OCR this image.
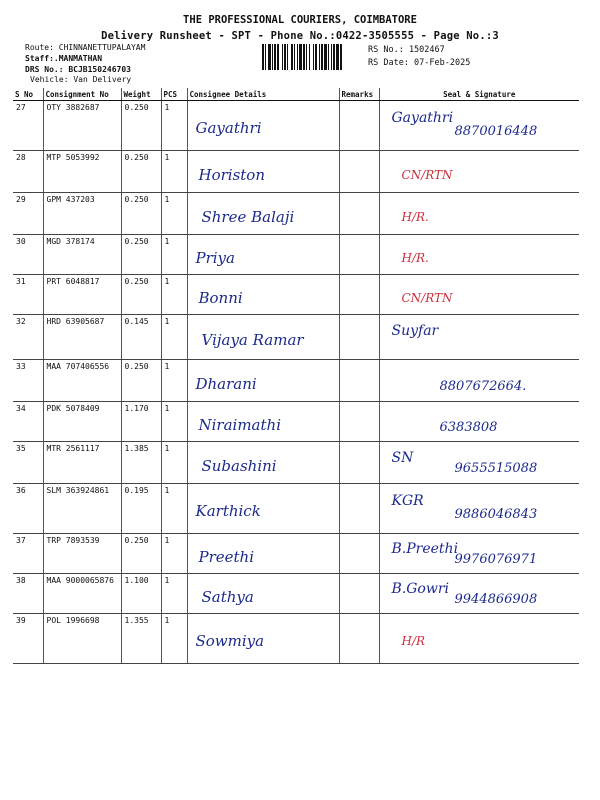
THE PROFESSIONAL COURIERS, COIMBATORE
Delivery Runsheet - SPT - Phone No.:0422-3505555 - Page No.:3
Route: CHINNANETTUPALAYAM
Staff:.MANMATHAN
DRS No.: BCJB150246703
Vehicle: Van Delivery
RS No.: 1502467
RS Date: 07-Feb-2025
S No	Consignment No	Weight	PCS	Consignee Details	Remarks	Seal & Signature
27	OTY 3882687	0.250	1	Gayathri		Gayathri
8870016448

28	MTP 5053992	0.250	1	Horiston		CN/RTN

29	GPM 437203	0.250	1	Shree Balaji		H/R.

30	MGD 378174	0.250	1	Priya		H/R.

31	PRT 6048817	0.250	1	Bonni		CN/RTN

32	HRD 63905687	0.145	1	Vijaya Ramar		Suyfar

33	MAA 707406556	0.250	1	Dharani		8807672664.

34	PDK 5078409	1.170	1	Niraimathi		6383808

35	MTR 2561117	1.385	1	Subashini		SN
9655515088

36	SLM 363924861	0.195	1	Karthick		KGR
9886046843

37	TRP 7893539	0.250	1	Preethi		B.Preethi
9976076971

38	MAA 9000065876	1.100	1	Sathya		B.Gowri
9944866908

39	POL 1996698	1.355	1	Sowmiya		H/R
